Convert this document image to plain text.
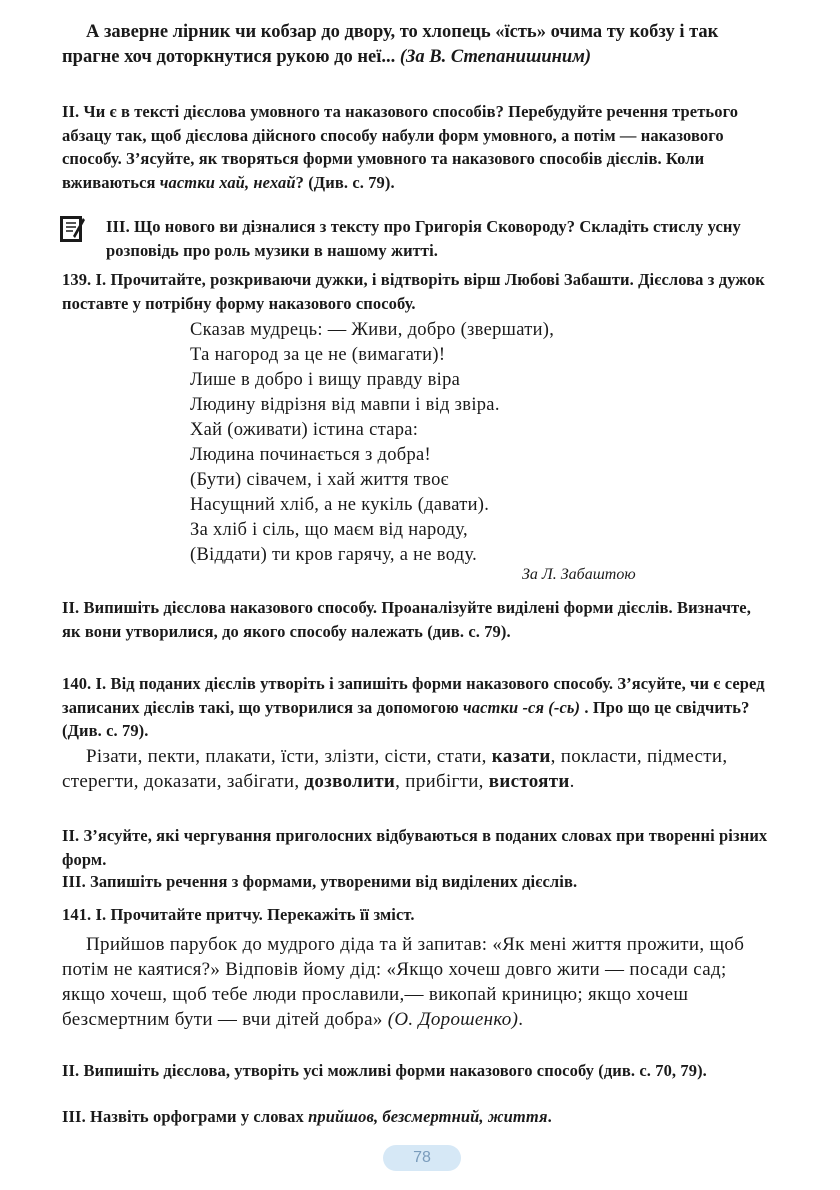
А заверне лірник чи кобзар до двору, то хлопець «їсть» очима ту кобзу і так прагне хоч доторкнутися рукою до неї... (За В. Степанишиним)
ІІ. Чи є в тексті дієслова умовного та наказового способів? Перебудуйте речення третього абзацу так, щоб дієслова дійсного способу набули форм умовного, а потім — наказового способу. З’ясуйте, як творяться форми умовного та наказового способів дієслів. Коли вживаються частки хай, нехай? (Див. с. 79).
ІІІ. Що нового ви дізналися з тексту про Григорія Сковороду? Складіть стислу усну розповідь про роль музики в нашому житті.
139. І. Прочитайте, розкриваючи дужки, і відтворіть вірш Любові Забашти. Дієслова з дужок поставте у потрібну форму наказового способу.
Сказав мудрець: — Живи, добро (звершати),
Та нагород за це не (вимагати)!
Лише в добро і вищу правду віра
Людину відрізня від мавпи і від звіра.
Хай (оживати) істина стара:
Людина починається з добра!
(Бути) сівачем, і хай життя твоє
Насущний хліб, а не кукіль (давати).
За хліб і сіль, що маєм від народу,
(Віддати) ти кров гарячу, а не воду.
За Л. Забаштою
ІІ. Випишіть дієслова наказового способу. Проаналізуйте виділені форми дієслів. Визначте, як вони утворилися, до якого способу належать (див. с. 79).
140. І. Від поданих дієслів утворіть і запишіть форми наказового способу. З’ясуйте, чи є серед записаних дієслів такі, що утворилися за допомогою частки -ся (-сь) . Про що це свідчить? (Див. с. 79).
Різати, пекти, плакати, їсти, злізти, сісти, стати, казати, покласти, підмести, стерегти, доказати, забігати, дозволити, прибігти, вистояти.
ІІ. З’ясуйте, які чергування приголосних відбуваються в поданих словах при творенні різних форм.
ІІІ. Запишіть речення з формами, утвореними від виділених дієслів.
141. І. Прочитайте притчу. Перекажіть її зміст.
Прийшов парубок до мудрого діда та й запитав: «Як мені життя прожити, щоб потім не каятися?» Відповів йому дід: «Якщо хочеш довго жити — посади сад; якщо хочеш, щоб тебе люди прославили,— викопай криницю; якщо хочеш безсмертним бути — вчи дітей добра» (О. Дорошенко).
ІІ. Випишіть дієслова, утворіть усі можливі форми наказового способу (див. с. 70, 79).
ІІІ. Назвіть орфограми у словах прийшов, безсмертний, життя.
78
